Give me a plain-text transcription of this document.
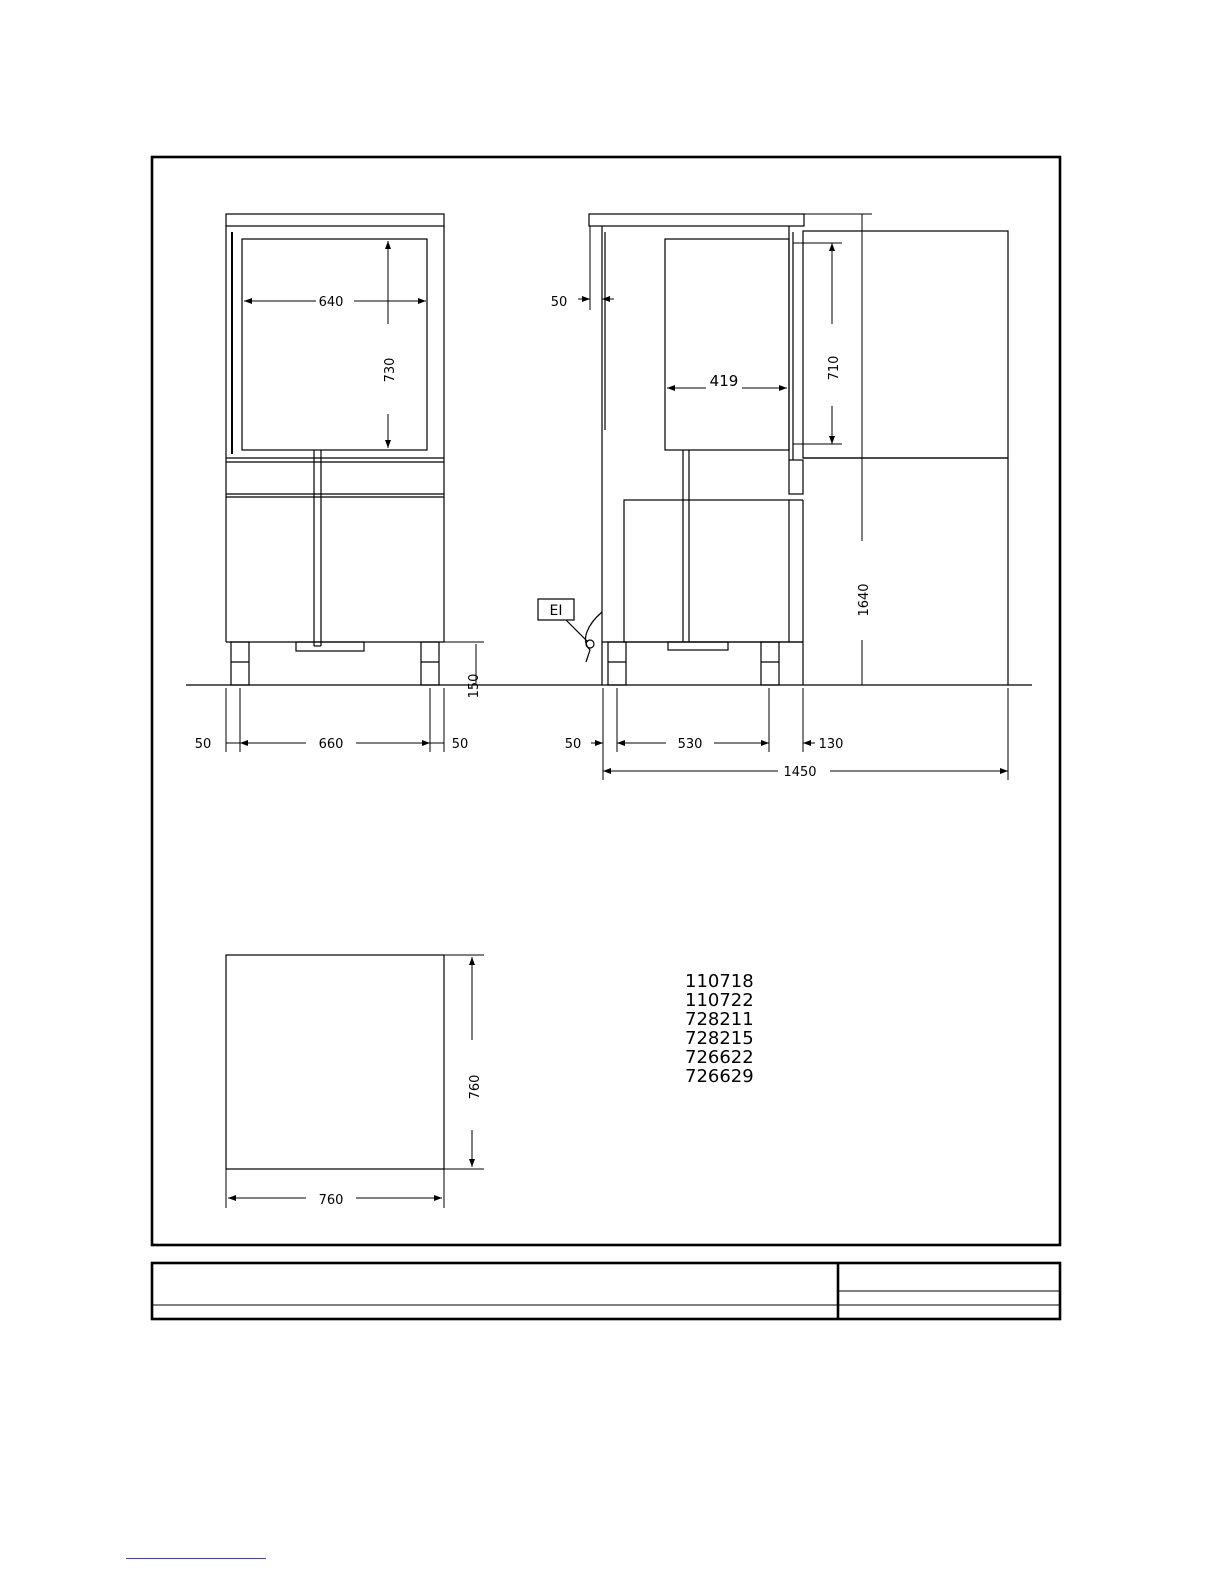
640
730
150
50	660	50
EI
50
419
710
1640
50	530	130
1450
760
760
110718
110722
728211
728215
726622
726629
